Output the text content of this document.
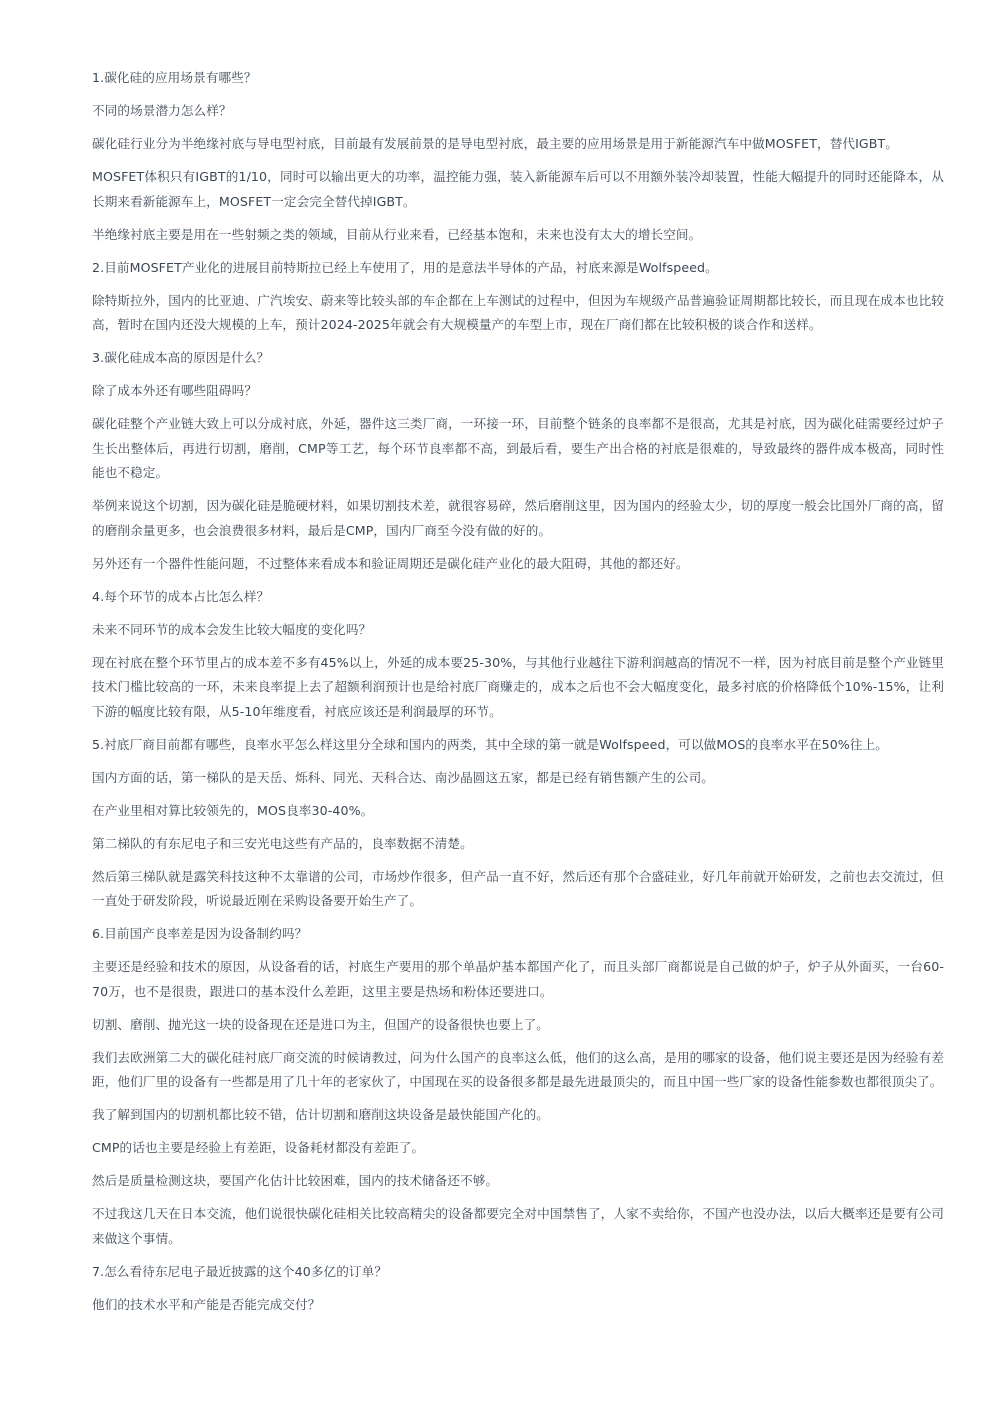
1.碳化硅的应用场景有哪些？

不同的场景潜力怎么样？

碳化硅行业分为半绝缘衬底与导电型衬底，目前最有发展前景的是导电型衬底，最主要的应用场景是用于新能源汽车中做MOSFET，替代IGBT。

MOSFET体积只有IGBT的1/10，同时可以输出更大的功率，温控能力强，装入新能源车后可以不用额外装冷却装置，性能大幅提升的同时还能降本，从长期来看新能源车上，MOSFET一定会完全替代掉IGBT。

半绝缘衬底主要是用在一些射频之类的领域，目前从行业来看，已经基本饱和，未来也没有太大的增长空间。

2.目前MOSFET产业化的进展目前特斯拉已经上车使用了，用的是意法半导体的产品，衬底来源是Wolfspeed。

除特斯拉外，国内的比亚迪、广汽埃安、蔚来等比较头部的车企都在上车测试的过程中，但因为车规级产品普遍验证周期都比较长，而且现在成本也比较高，暂时在国内还没大规模的上车，预计2024-2025年就会有大规模量产的车型上市，现在厂商们都在比较积极的谈合作和送样。

3.碳化硅成本高的原因是什么？

除了成本外还有哪些阻碍吗？

碳化硅整个产业链大致上可以分成衬底，外延，器件这三类厂商，一环接一环，目前整个链条的良率都不是很高，尤其是衬底，因为碳化硅需要经过炉子生长出整体后，再进行切割，磨削，CMP等工艺，每个环节良率都不高，到最后看，要生产出合格的衬底是很难的，导致最终的器件成本极高，同时性能也不稳定。

举例来说这个切割，因为碳化硅是脆硬材料，如果切割技术差，就很容易碎，然后磨削这里，因为国内的经验太少，切的厚度一般会比国外厂商的高，留的磨削余量更多，也会浪费很多材料，最后是CMP，国内厂商至今没有做的好的。

另外还有一个器件性能问题，不过整体来看成本和验证周期还是碳化硅产业化的最大阻碍，其他的都还好。

4.每个环节的成本占比怎么样？

未来不同环节的成本会发生比较大幅度的变化吗？

现在衬底在整个环节里占的成本差不多有45%以上，外延的成本要25-30%，与其他行业越往下游利润越高的情况不一样，因为衬底目前是整个产业链里技术门槛比较高的一环，未来良率提上去了超额利润预计也是给衬底厂商赚走的，成本之后也不会大幅度变化，最多衬底的价格降低个10%-15%，让利下游的幅度比较有限，从5-10年维度看，衬底应该还是利润最厚的环节。

5.衬底厂商目前都有哪些，良率水平怎么样这里分全球和国内的两类，其中全球的第一就是Wolfspeed，可以做MOS的良率水平在50%往上。

国内方面的话，第一梯队的是天岳、烁科、同光、天科合达、南沙晶圆这五家，都是已经有销售额产生的公司。

在产业里相对算比较领先的，MOS良率30-40%。

第二梯队的有东尼电子和三安光电这些有产品的，良率数据不清楚。

然后第三梯队就是露笑科技这种不太靠谱的公司，市场炒作很多，但产品一直不好，然后还有那个合盛硅业，好几年前就开始研发，之前也去交流过，但一直处于研发阶段，听说最近刚在采购设备要开始生产了。

6.目前国产良率差是因为设备制约吗？

主要还是经验和技术的原因，从设备看的话，衬底生产要用的那个单晶炉基本都国产化了，而且头部厂商都说是自己做的炉子，炉子从外面买，一台60-70万，也不是很贵，跟进口的基本没什么差距，这里主要是热场和粉体还要进口。

切割、磨削、抛光这一块的设备现在还是进口为主，但国产的设备很快也要上了。

我们去欧洲第二大的碳化硅衬底厂商交流的时候请教过，问为什么国产的良率这么低，他们的这么高，是用的哪家的设备，他们说主要还是因为经验有差距，他们厂里的设备有一些都是用了几十年的老家伙了，中国现在买的设备很多都是最先进最顶尖的，而且中国一些厂家的设备性能参数也都很顶尖了。

我了解到国内的切割机都比较不错，估计切割和磨削这块设备是最快能国产化的。

CMP的话也主要是经验上有差距，设备耗材都没有差距了。

然后是质量检测这块，要国产化估计比较困难，国内的技术储备还不够。

不过我这几天在日本交流，他们说很快碳化硅相关比较高精尖的设备都要完全对中国禁售了，人家不卖给你，不国产也没办法，以后大概率还是要有公司来做这个事情。

7.怎么看待东尼电子最近披露的这个40多亿的订单？

他们的技术水平和产能是否能完成交付？
